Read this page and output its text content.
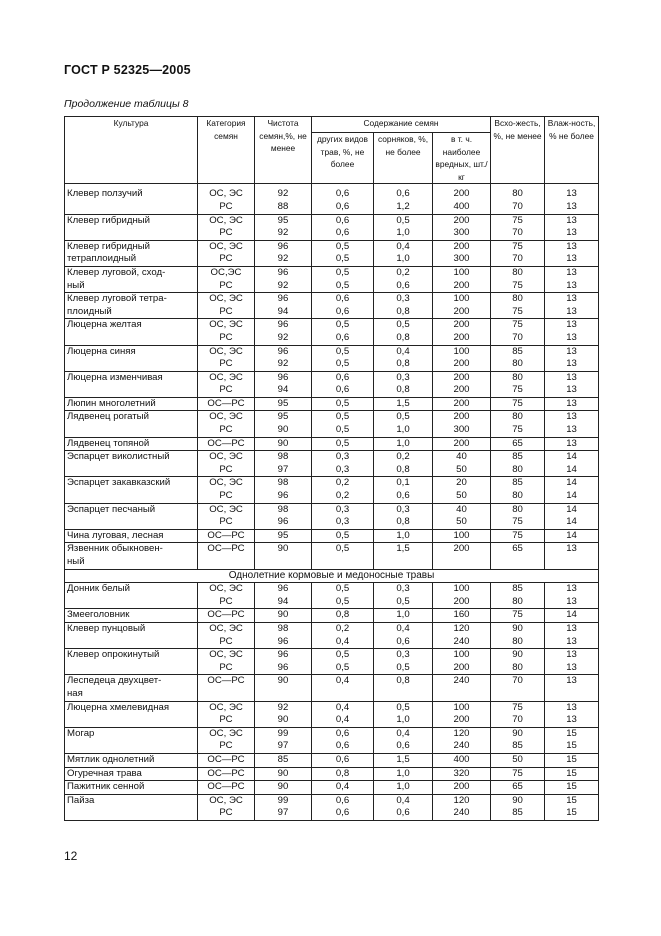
ГОСТ Р 52325—2005
Продолжение таблицы 8
Культура	Категория семян	Чистота семян,%, не менее	Содержание семян			Всхо-жесть, %, не менее	Влаж-ность, % не более
			других видов трав, %, не более	сорняков, %, не более	в т. ч. наиболее вредных, шт./кг		

Клевер ползучий	ОС, ЭС	92	0,6	0,6	200	80	13
	РС	88	0,6	1,2	400	70	13
Клевер гибридный	ОС, ЭС	95	0,6	0,5	200	75	13
	РС	92	0,6	1,0	300	70	13
Клевер гибридный	ОС, ЭС	96	0,5	0,4	200	75	13
тетраплоидный	РС	92	0,5	1,0	300	70	13
Клевер луговой, сход-	ОС,ЭС	96	0,5	0,2	100	80	13
ный	РС	92	0,5	0,6	200	75	13
Клевер луговой тетра-	ОС, ЭС	96	0,6	0,3	100	80	13
плоидный	РС	94	0,6	0,8	200	75	13
Люцерна желтая	ОС, ЭС	96	0,5	0,5	200	75	13
	РС	92	0,6	0,8	200	70	13
Люцерна синяя	ОС, ЭС	96	0,5	0,4	100	85	13
	РС	92	0,5	0,8	200	80	13
Люцерна изменчивая	ОС, ЭС	96	0,6	0,3	200	80	13
	РС	94	0,6	0,8	200	75	13
Люпин многолетний	ОС—РС	95	0,5	1,5	200	75	13
Лядвенец рогатый	ОС, ЭС	95	0,5	0,5	200	80	13
	РС	90	0,5	1,0	300	75	13
Лядвенец топяной	ОС—РС	90	0,5	1,0	200	65	13
Эспарцет виколистный	ОС, ЭС	98	0,3	0,2	40	85	14
	РС	97	0,3	0,8	50	80	14
Эспарцет закавказский	ОС, ЭС	98	0,2	0,1	20	85	14
	РС	96	0,2	0,6	50	80	14
Эспарцет песчаный	ОС, ЭС	98	0,3	0,3	40	80	14
	РС	96	0,3	0,8	50	75	14
Чина луговая, лесная	ОС—РС	95	0,5	1,0	100	75	14
Язвенник обыкновен-	ОС—РС	90	0,5	1,5	200	65	13
ный							
Однолетние кормовые и медоносные травы							
Донник белый	ОС, ЭС	96	0,5	0,3	100	85	13
	РС	94	0,5	0,5	200	80	13
Змееголовник	ОС—РС	90	0,8	1,0	160	75	14
Клевер пунцовый	ОС, ЭС	98	0,2	0,4	120	90	13
	РС	96	0,4	0,6	240	80	13
Клевер опрокинутый	ОС, ЭС	96	0,5	0,3	100	90	13
	РС	96	0,5	0,5	200	80	13
Леспедеца двухцвет-	ОС—РС	90	0,4	0,8	240	70	13
ная							
Люцерна хмелевидная	ОС, ЭС	92	0,4	0,5	100	75	13
	РС	90	0,4	1,0	200	70	13
Могар	ОС, ЭС	99	0,6	0,4	120	90	15
	РС	97	0,6	0,6	240	85	15
Мятлик однолетний	ОС—РС	85	0,6	1,5	400	50	15
Огуречная трава	ОС—РС	90	0,8	1,0	320	75	15
Пажитник сенной	ОС—РС	90	0,4	1,0	200	65	15
Пайза	ОС, ЭС	99	0,6	0,4	120	90	15
	РС	97	0,6	0,6	240	85	15
12
